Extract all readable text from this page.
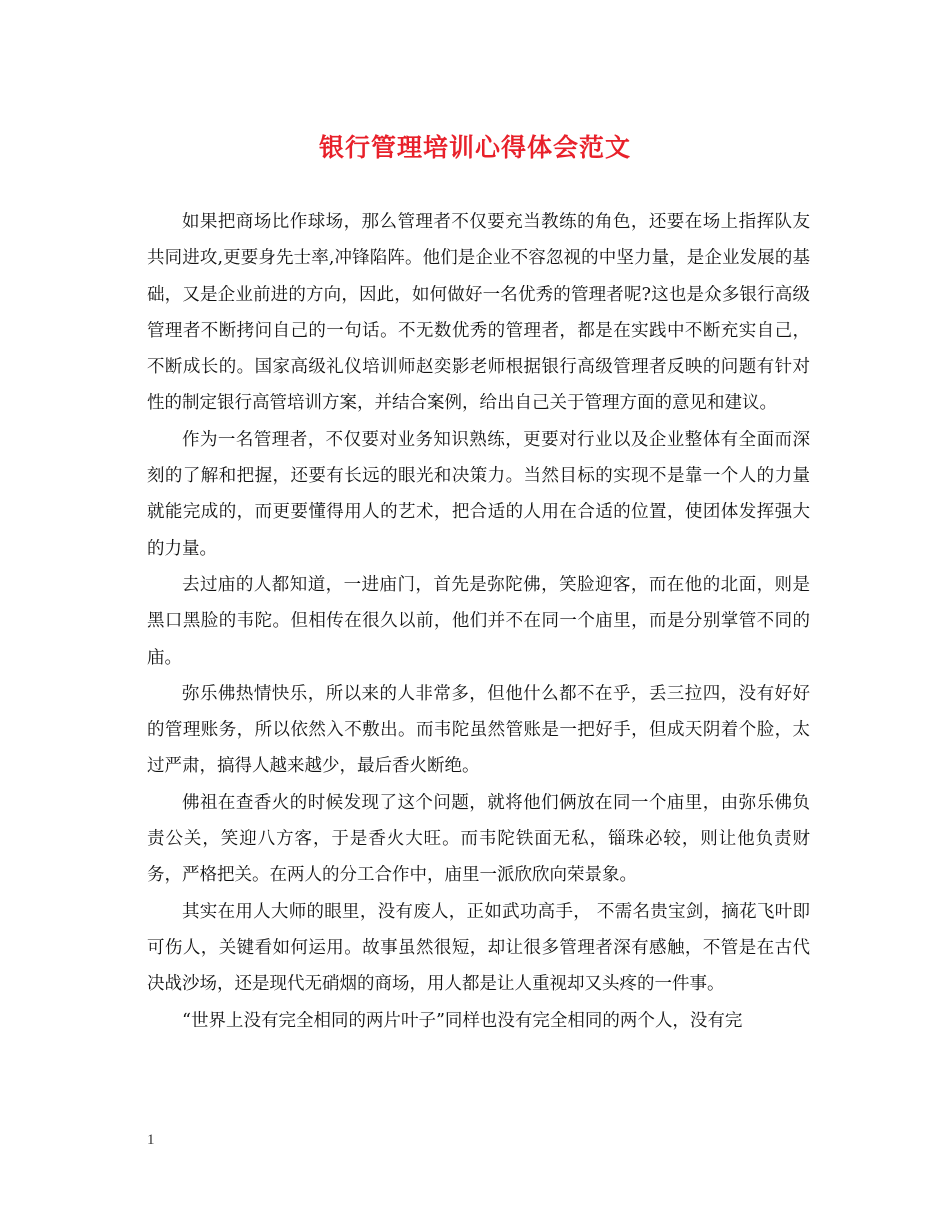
银行管理培训心得体会范文

如果把商场比作球场，那么管理者不仅要充当教练的角色，还要在场上指挥队友共同进攻,更要身先士率,冲锋陷阵。他们是企业不容忽视的中坚力量，是企业发展的基础，又是企业前进的方向，因此，如何做好一名优秀的管理者呢?这也是众多银行高级管理者不断拷问自己的一句话。不无数优秀的管理者，都是在实践中不断充实自己，不断成长的。国家高级礼仪培训师赵奕影老师根据银行高级管理者反映的问题有针对性的制定银行高管培训方案，并结合案例，给出自己关于管理方面的意见和建议。

作为一名管理者，不仅要对业务知识熟练，更要对行业以及企业整体有全面而深刻的了解和把握，还要有长远的眼光和决策力。当然目标的实现不是靠一个人的力量就能完成的，而更要懂得用人的艺术，把合适的人用在合适的位置，使团体发挥强大的力量。

去过庙的人都知道，一进庙门，首先是弥陀佛，笑脸迎客，而在他的北面，则是黑口黑脸的韦陀。但相传在很久以前，他们并不在同一个庙里，而是分别掌管不同的庙。

弥乐佛热情快乐，所以来的人非常多，但他什么都不在乎，丢三拉四，没有好好的管理账务，所以依然入不敷出。而韦陀虽然管账是一把好手，但成天阴着个脸，太过严肃，搞得人越来越少，最后香火断绝。

佛祖在查香火的时候发现了这个问题，就将他们俩放在同一个庙里，由弥乐佛负责公关，笑迎八方客，于是香火大旺。而韦陀铁面无私，锱珠必较，则让他负责财务，严格把关。在两人的分工合作中，庙里一派欣欣向荣景象。

其实在用人大师的眼里，没有废人，正如武功高手， 不需名贵宝剑，摘花飞叶即可伤人，关键看如何运用。故事虽然很短，却让很多管理者深有感触，不管是在古代决战沙场，还是现代无硝烟的商场，用人都是让人重视却又头疼的一件事。

“世界上没有完全相同的两片叶子”同样也没有完全相同的两个人，没有完

1
